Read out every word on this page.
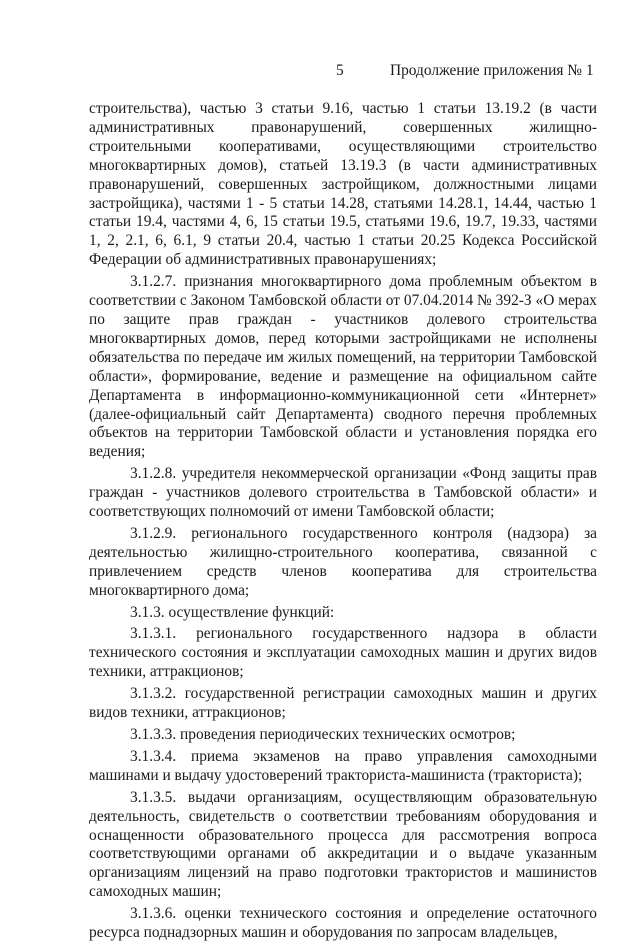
5	Продолжение приложения № 1

строительства), частью 3 статьи 9.16, частью 1 статьи 13.19.2 (в части административных правонарушений, совершенных жилищно-строительными кооперативами, осуществляющими строительство многоквартирных домов), статьей 13.19.3 (в части административных правонарушений, совершенных застройщиком, должностными лицами застройщика), частями 1 - 5 статьи 14.28, статьями 14.28.1, 14.44, частью 1 статьи 19.4, частями 4, 6, 15 статьи 19.5, статьями 19.6, 19.7, 19.33, частями 1, 2, 2.1, 6, 6.1, 9 статьи 20.4, частью 1 статьи 20.25 Кодекса Российской Федерации об административных правонарушениях;

3.1.2.7. признания многоквартирного дома проблемным объектом в соответствии с Законом Тамбовской области от 07.04.2014 № 392-З «О мерах по защите прав граждан - участников долевого строительства многоквартирных домов, перед которыми застройщиками не исполнены обязательства по передаче им жилых помещений, на территории Тамбовской области», формирование, ведение и размещение на официальном сайте Департамента в информационно-коммуникационной сети «Интернет» (далее-официальный сайт Департамента) сводного перечня проблемных объектов на территории Тамбовской области и установления порядка его ведения;

3.1.2.8. учредителя некоммерческой организации «Фонд защиты прав граждан - участников долевого строительства в Тамбовской области» и соответствующих полномочий от имени Тамбовской области;

3.1.2.9. регионального государственного контроля (надзора) за деятельностью жилищно-строительного кооператива, связанной с привлечением средств членов кооператива для строительства многоквартирного дома;

3.1.3. осуществление функций:

3.1.3.1. регионального государственного надзора в области технического состояния и эксплуатации самоходных машин и других видов техники, аттракционов;

3.1.3.2. государственной регистрации самоходных машин и других видов техники, аттракционов;

3.1.3.3. проведения периодических технических осмотров;

3.1.3.4. приема экзаменов на право управления самоходными машинами и выдачу удостоверений тракториста-машиниста (тракториста);

3.1.3.5. выдачи организациям, осуществляющим образовательную деятельность, свидетельств о соответствии требованиям оборудования и оснащенности образовательного процесса для рассмотрения вопроса соответствующими органами об аккредитации и о выдаче указанным организациям лицензий на право подготовки трактористов и машинистов самоходных машин;

3.1.3.6. оценки технического состояния и определение остаточного ресурса поднадзорных машин и оборудования по запросам владельцев,
